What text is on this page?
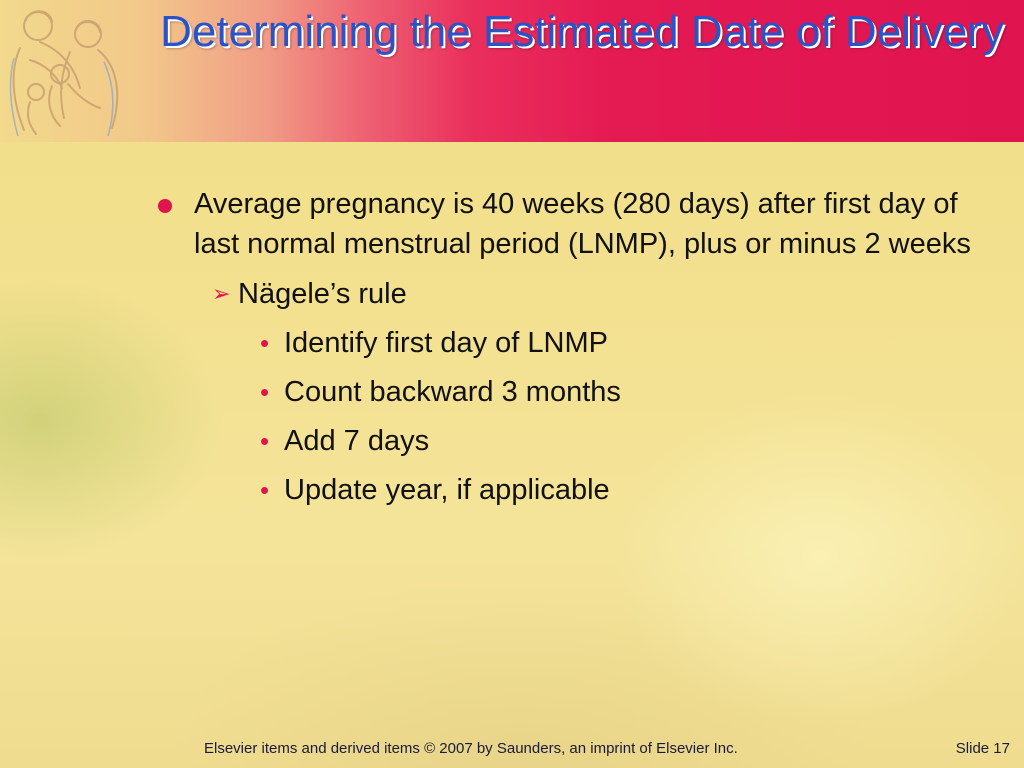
Determining the Estimated Date of Delivery
Average pregnancy is 40 weeks (280 days) after first day of last normal menstrual period (LNMP), plus or minus 2 weeks
➢ Nägele’s rule
• Identify first day of LNMP
• Count backward 3 months
• Add 7 days
• Update year, if applicable
Elsevier items and derived items © 2007 by Saunders, an imprint of Elsevier Inc.	Slide 17
